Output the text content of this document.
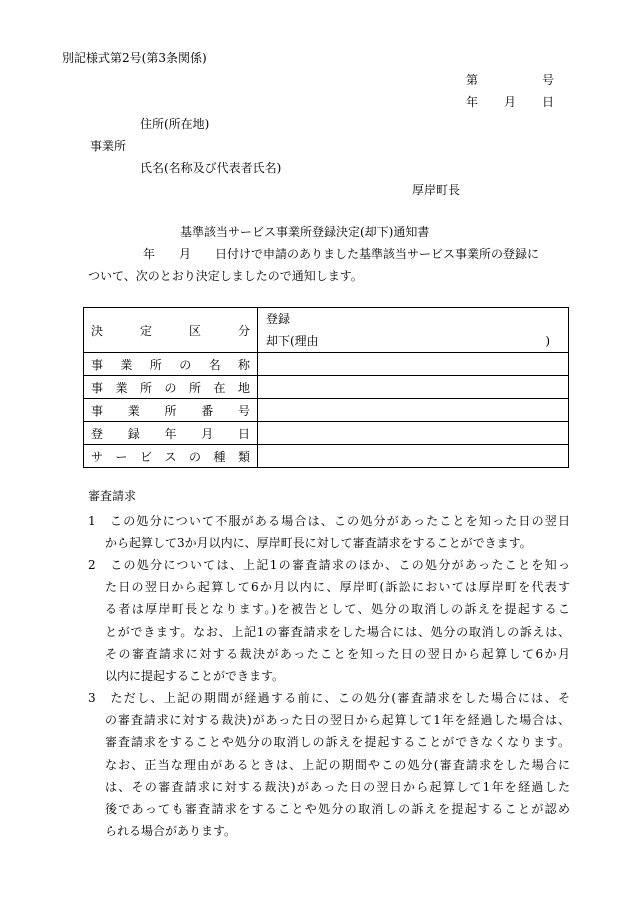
別記様式第2号(第3条関係)
第	号
年 月 日
住所(所在地)
事業所
氏名(名称及び代表者氏名)
厚岸町長
基準該当サービス事業所登録決定(却下)通知書
年 月 日付けで申請のありました基準該当サービス事業所の登録に
ついて、次のとおり決定しましたので通知します。
決定区分	登録
却下(理由 )

事業所の名称	

事業所の所在地	

事業所番号	

登録年月日	

サービスの種類	

審査請求
1　この処分について不服がある場合は、この処分があったことを知った日の翌日
から起算して3か月以内に、厚岸町長に対して審査請求をすることができます。
2　この処分については、上記1の審査請求のほか、この処分があったことを知っ
た日の翌日から起算して6か月以内に、厚岸町(訴訟においては厚岸町を代表す
る者は厚岸町長となります。)を被告として、処分の取消しの訴えを提起するこ
とができます。なお、上記1の審査請求をした場合には、処分の取消しの訴えは、
その審査請求に対する裁決があったことを知った日の翌日から起算して6か月
以内に提起することができます。
3　ただし、上記の期間が経過する前に、この処分(審査請求をした場合には、そ
の審査請求に対する裁決)があった日の翌日から起算して1年を経過した場合は、
審査請求をすることや処分の取消しの訴えを提起することができなくなります。
なお、正当な理由があるときは、上記の期間やこの処分(審査請求をした場合に
は、その審査請求に対する裁決)があった日の翌日から起算して1年を経過した
後であっても審査請求をすることや処分の取消しの訴えを提起することが認め
られる場合があります。
